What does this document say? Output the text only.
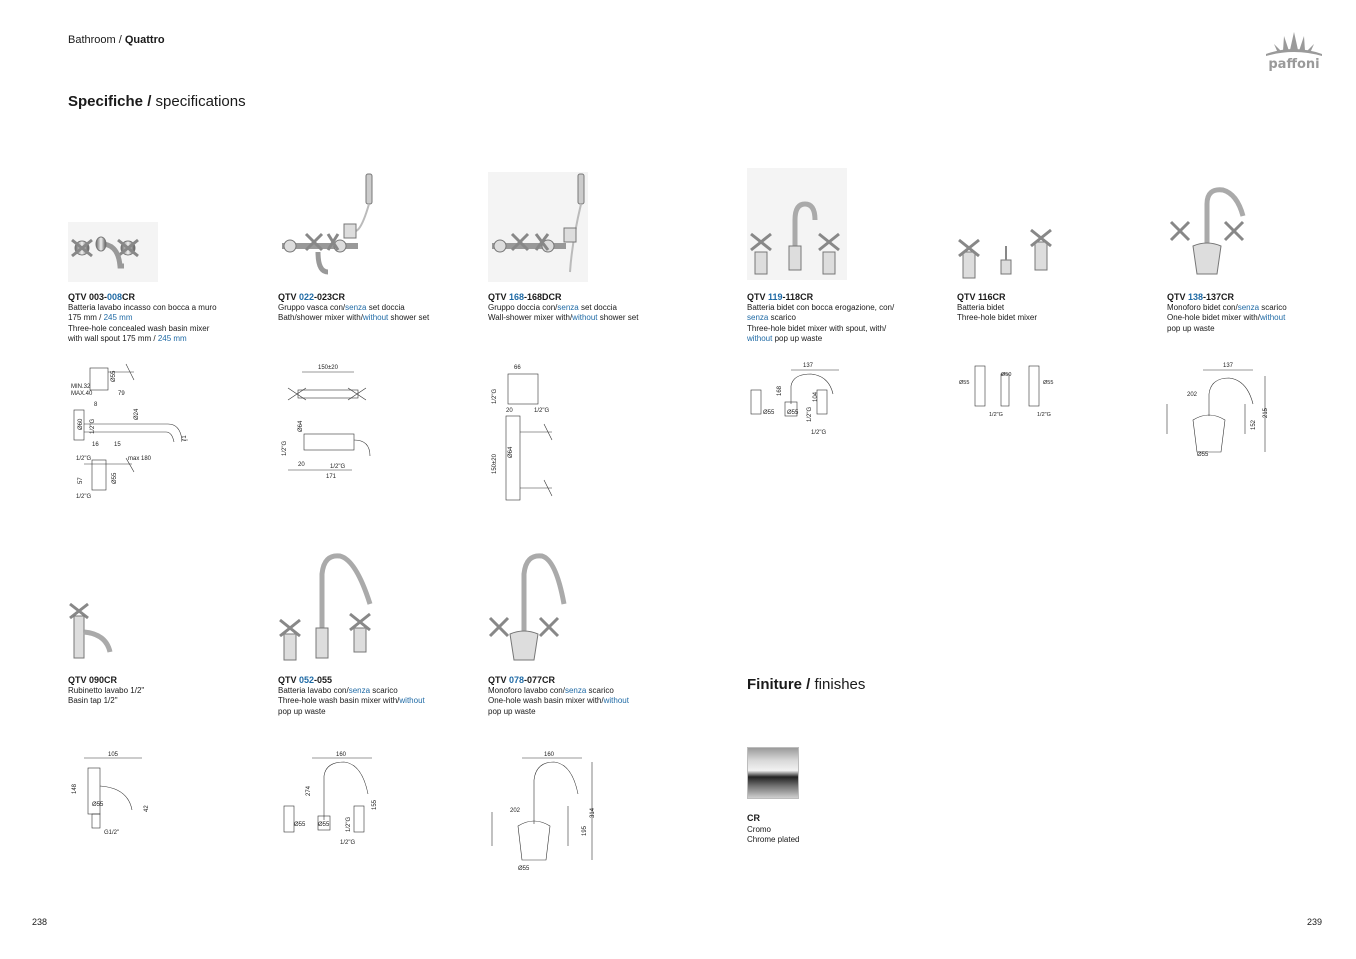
Bathroom / Quattro
Specifiche / specifications
paffoni
QTV 003-008CR
Batteria lavabo incasso con bocca a muro
175 mm / 245 mm
Three-hole concealed wash basin mixer
with wall spout 175 mm / 245 mm
QTV 022-023CR
Gruppo vasca con/senza set doccia
Bath/shower mixer with/without shower set
QTV 168-168DCR
Gruppo doccia con/senza set doccia
Wall-shower mixer with/without shower set
QTV 119-118CR
Batteria bidet con bocca erogazione, con/
senza scarico
Three-hole bidet mixer with spout, with/
without pop up waste
QTV 116CR
Batteria bidet
Three-hole bidet mixer
QTV 138-137CR
Monoforo bidet con/senza scarico
One-hole bidet mixer with/without
pop up waste
QTV 090CR
Rubinetto lavabo 1/2"
Basin tap 1/2"
QTV 052-055
Batteria lavabo con/senza scarico
Three-hole wash basin mixer with/without
pop up waste
QTV 078-077CR
Monoforo lavabo con/senza scarico
One-hole wash basin mixer with/without
pop up waste
MIN.32
MAX.40	79
Ø55
8
Ø24
Ø60 1/2"G
16	15
71
1/2"G	max 180
57	Ø55
1/2"G
150±20
Ø64
1/2"G
20	1/2"G
171
66
1/2"G
20	1/2"G
Ø64
150±20
137
168
104
Ø55 Ø55 1/2"G
1/2"G
Ø50
Ø55	Ø55
1/2"G	1/2"G
137
202
152
215
Ø55
105
148
42
Ø55
G1/2"
160
274
155
Ø55 Ø55	1/2"G
1/2"G
160
202	314
195
Ø55
Finiture / finishes
CR
Cromo
Chrome plated
238	239
